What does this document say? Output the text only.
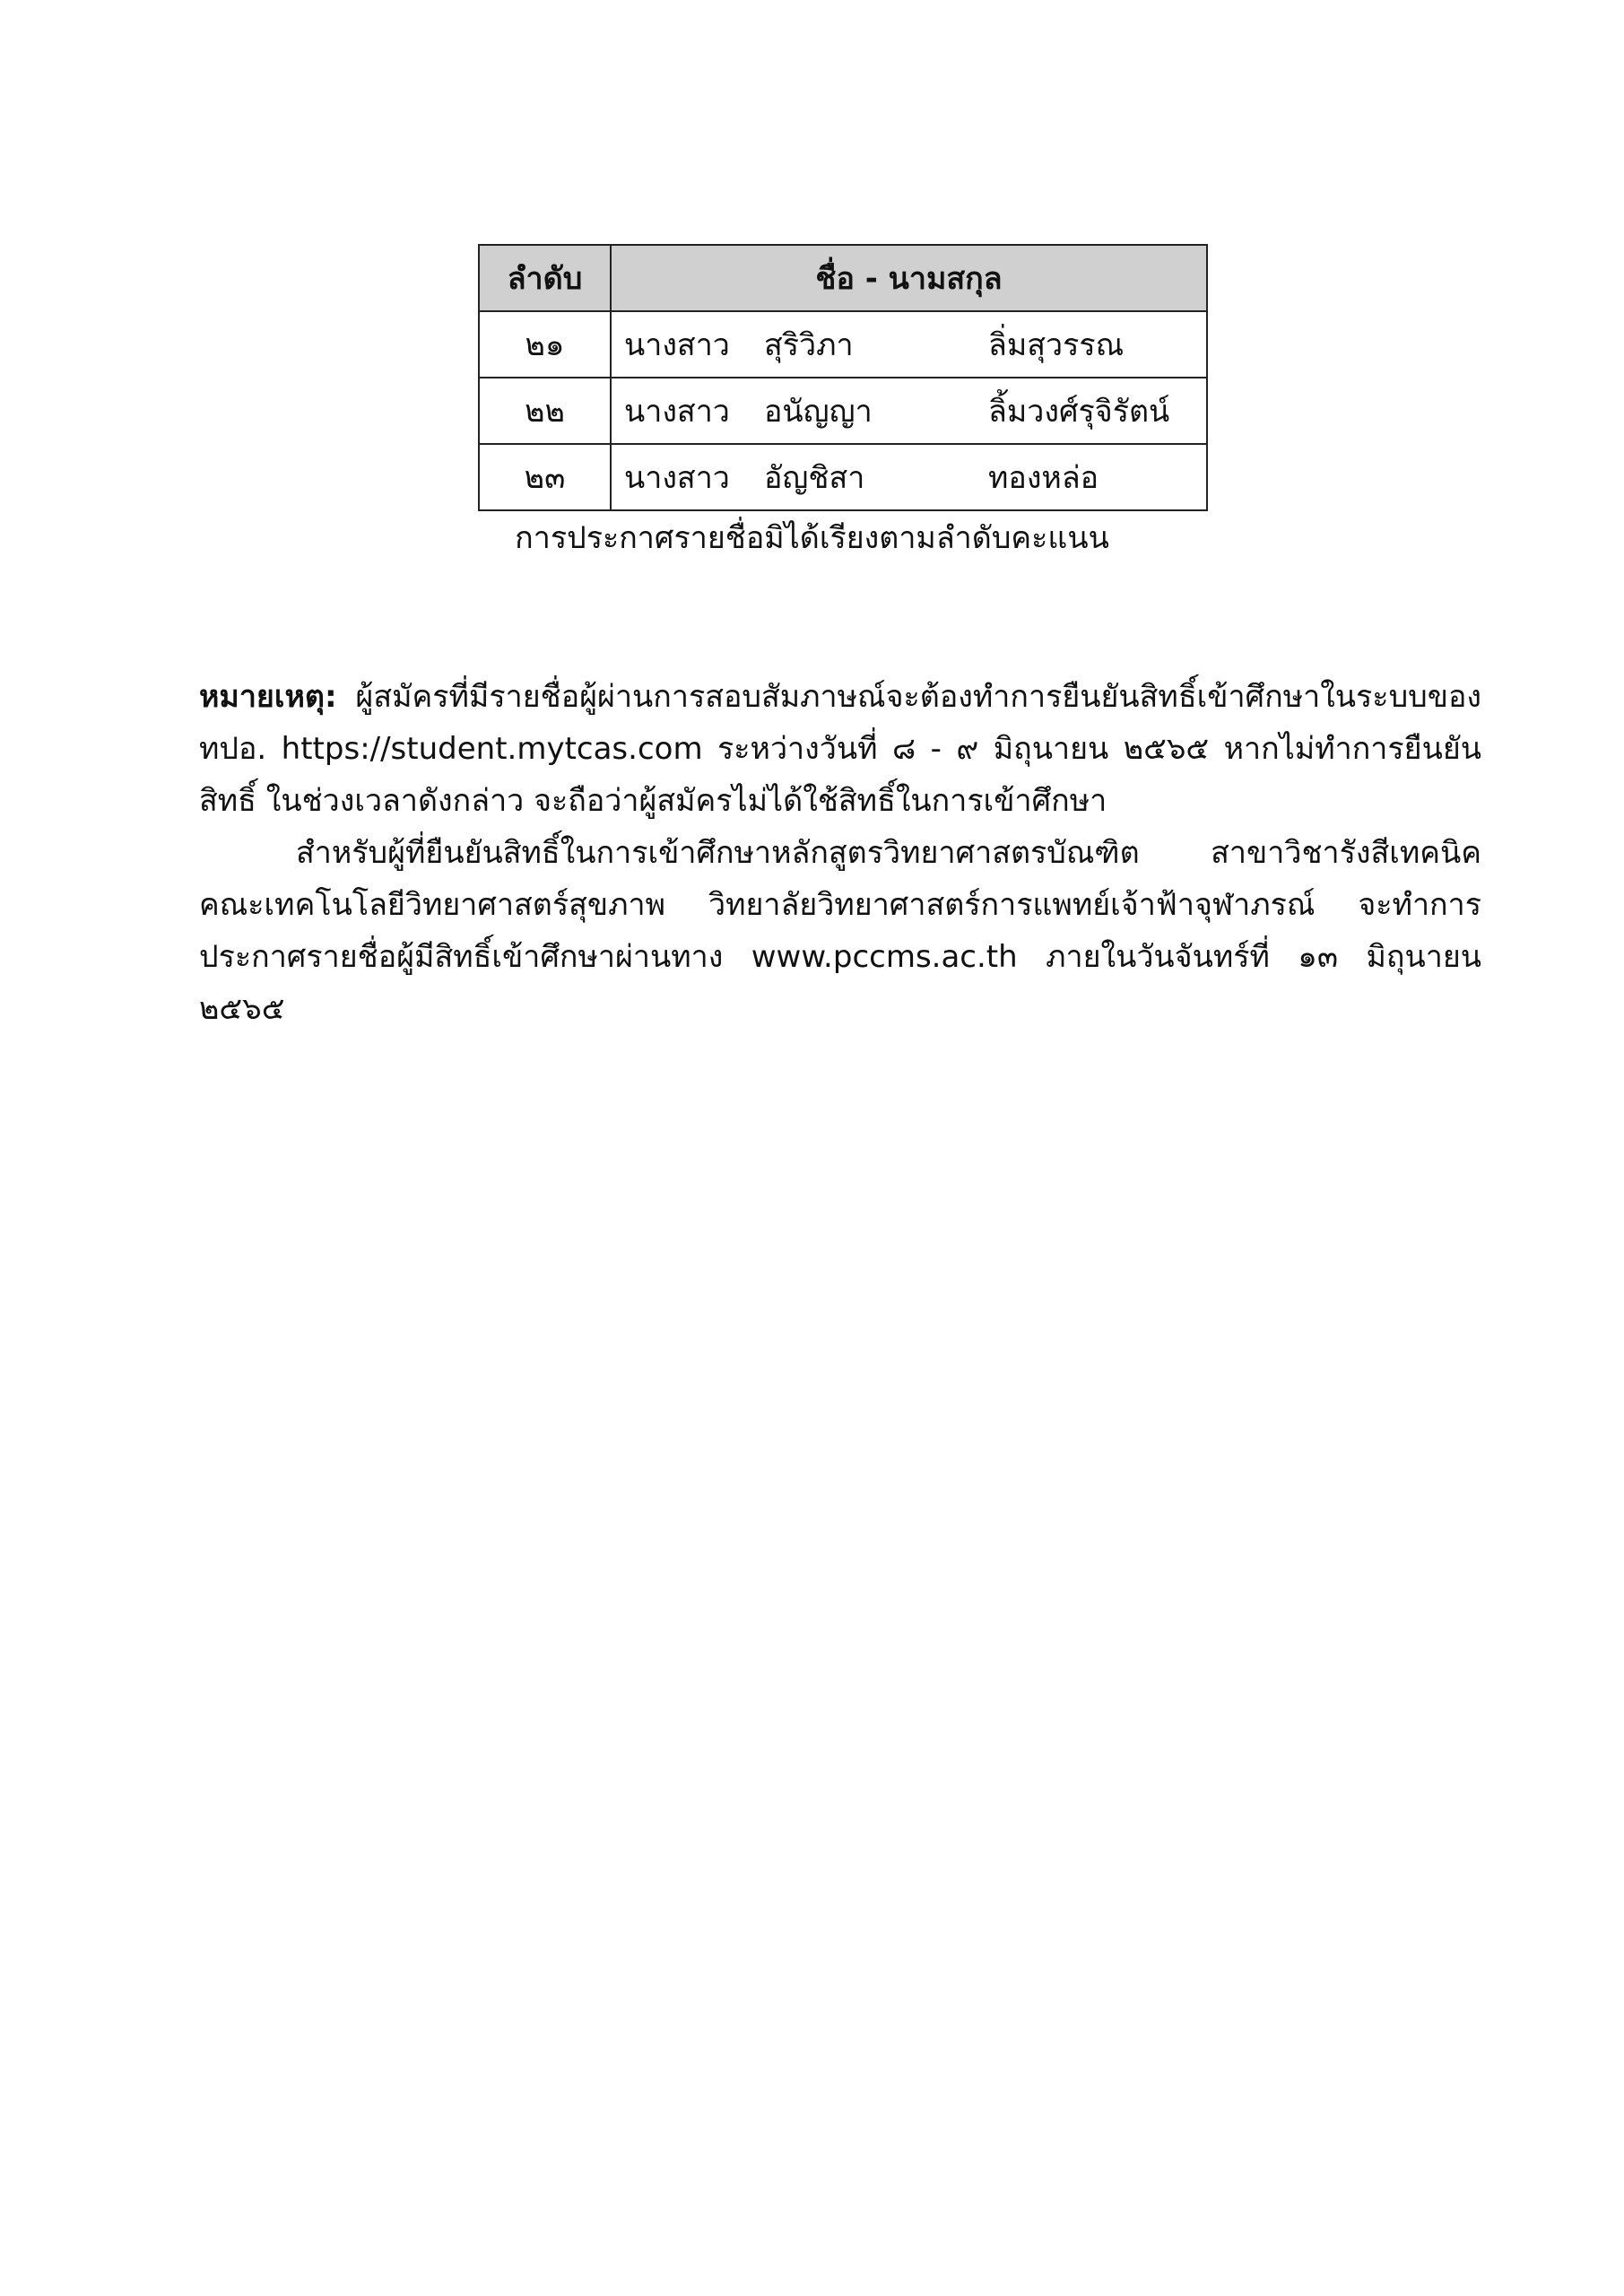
ลำดับ	ชื่อ - นามสกุล
๒๑	นางสาว สุริวิภา ลิ่มสุวรรณ

๒๒	นางสาว อนัญญา ลิ้มวงศ์รุจิรัตน์

๒๓	นางสาว อัญชิสา ทองหล่อ
การประกาศรายชื่อมิได้เรียงตามลำดับคะแนน

หมายเหตุ: ผู้สมัครที่มีรายชื่อผู้ผ่านการสอบสัมภาษณ์จะต้องทำการยืนยันสิทธิ์เข้าศึกษาในระบบของ ทปอ. https://student.mytcas.com ระหว่างวันที่ ๘ - ๙ มิถุนายน ๒๕๖๕ หากไม่ทำการยืนยันสิทธิ์ ในช่วงเวลาดังกล่าว จะถือว่าผู้สมัครไม่ได้ใช้สิทธิ์ในการเข้าศึกษา

สำหรับผู้ที่ยืนยันสิทธิ์ในการเข้าศึกษาหลักสูตรวิทยาศาสตรบัณฑิต สาขาวิชารังสีเทคนิค คณะเทคโนโลยีวิทยาศาสตร์สุขภาพ วิทยาลัยวิทยาศาสตร์การแพทย์เจ้าฟ้าจุฬาภรณ์ จะทำการประกาศรายชื่อผู้มีสิทธิ์เข้าศึกษาผ่านทาง www.pccms.ac.th ภายในวันจันทร์ที่ ๑๓ มิถุนายน ๒๕๖๕
